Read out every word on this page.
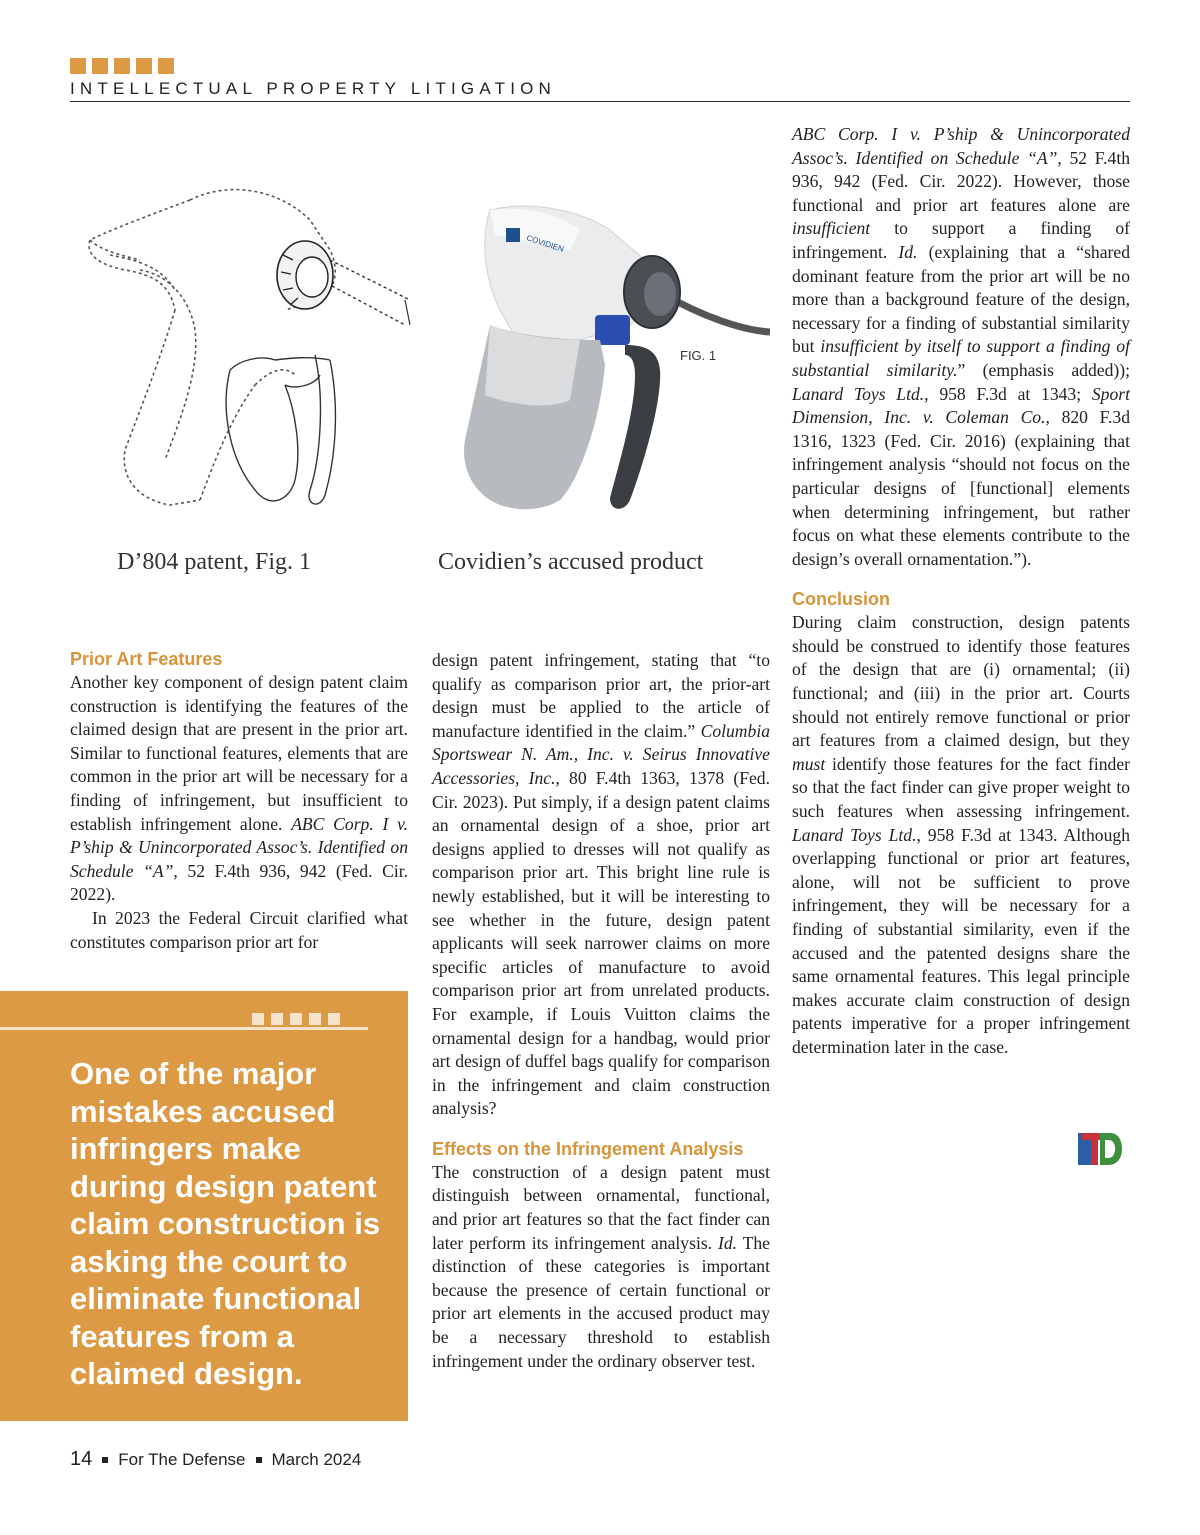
INTELLECTUAL PROPERTY LITIGATION
D’804 patent, Fig. 1
COVIDIEN
FIG. 1
Covidien’s accused product

Prior Art Features

Another key component of design patent claim construction is identifying the features of the claimed design that are present in the prior art. Similar to functional features, elements that are common in the prior art will be necessary for a finding of infringement, but insufficient to establish infringement alone. ABC Corp. I v. P’ship & Unincorporated Assoc’s. Identified on Schedule “A”, 52 F.4th 936, 942 (Fed. Cir. 2022).

In 2023 the Federal Circuit clarified what constitutes comparison prior art for

One of the major mistakes accused infringers make during design patent claim construction is asking the court to eliminate functional features from a claimed design.

design patent infringement, stating that “to qualify as comparison prior art, the prior-art design must be applied to the article of manufacture identified in the claim.” Columbia Sportswear N. Am., Inc. v. Seirus Innovative Accessories, Inc., 80 F.4th 1363, 1378 (Fed. Cir. 2023). Put simply, if a design patent claims an ornamental design of a shoe, prior art designs applied to dresses will not qualify as comparison prior art. This bright line rule is newly established, but it will be interesting to see whether in the future, design patent applicants will seek narrower claims on more specific articles of manufacture to avoid comparison prior art from unrelated products. For example, if Louis Vuitton claims the ornamental design for a handbag, would prior art design of duffel bags qualify for comparison in the infringement and claim construction analysis?

Effects on the Infringement Analysis

The construction of a design patent must distinguish between ornamental, functional, and prior art features so that the fact finder can later perform its infringement analysis. Id. The distinction of these categories is important because the presence of certain functional or prior art elements in the accused product may be a necessary threshold to establish infringement under the ordinary observer test.

ABC Corp. I v. P’ship & Unincorporated Assoc’s. Identified on Schedule “A”, 52 F.4th 936, 942 (Fed. Cir. 2022). However, those functional and prior art features alone are insufficient to support a finding of infringement. Id. (explaining that a “shared dominant feature from the prior art will be no more than a background feature of the design, necessary for a finding of substantial similarity but insufficient by itself to support a finding of substantial similarity.” (emphasis added)); Lanard Toys Ltd., 958 F.3d at 1343; Sport Dimension, Inc. v. Coleman Co., 820 F.3d 1316, 1323 (Fed. Cir. 2016) (explaining that infringement analysis “should not focus on the particular designs of [functional] elements when determining infringement, but rather focus on what these elements contribute to the design’s overall ornamentation.”).

Conclusion

During claim construction, design patents should be construed to identify those features of the design that are (i) ornamental; (ii) functional; and (iii) in the prior art. Courts should not entirely remove functional or prior art features from a claimed design, but they must identify those features for the fact finder so that the fact finder can give proper weight to such features when assessing infringement. Lanard Toys Ltd., 958 F.3d at 1343. Although overlapping functional or prior art features, alone, will not be sufficient to prove infringement, they will be necessary for a finding of substantial similarity, even if the accused and the patented designs share the same ornamental features. This legal principle makes accurate claim construction of design patents imperative for a proper infringement determination later in the case.

14 For The Defense March 2024
